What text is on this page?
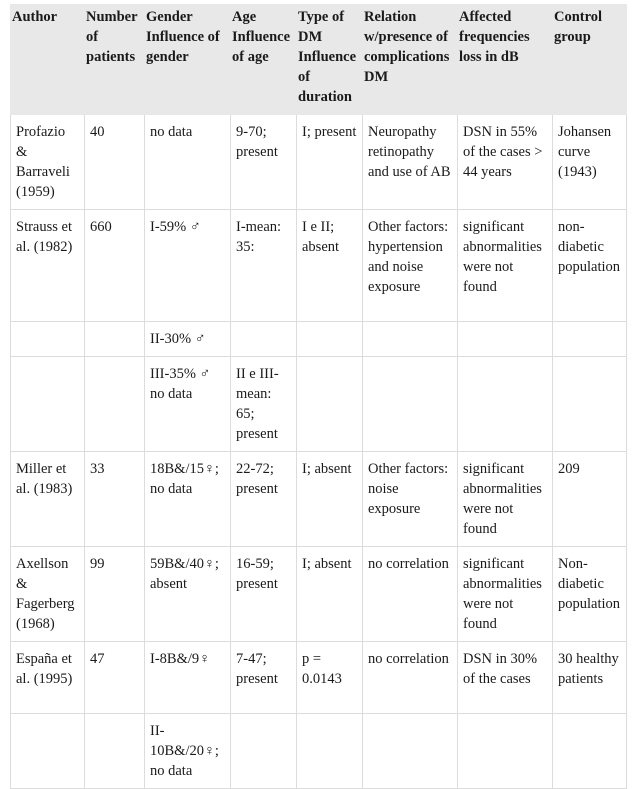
Author	Number of patients	Gender Influence of gender	Age Influence of age	Type of DM Influence of duration	Relation w/presence of complications DM	Affected frequencies loss in dB	Control group
Profazio & Barraveli (1959)	40	no data	9-70; present	I; present	Neuropathy retinopathy and use of AB	DSN in 55% of the cases > 44 years	Johansen curve (1943)
Strauss et al. (1982)	660	I-59% ♂	I-mean: 35:	I e II; absent	Other factors: hypertension and noise exposure	significant abnormalities were not found	non-diabetic population
		II-30% ♂					
		III-35% ♂ no data	II e III-mean: 65; present				
Miller et al. (1983)	33	18B&/15♀; no data	22-72; present	I; absent	Other factors: noise exposure	significant abnormalities were not found	209
Axellson & Fagerberg (1968)	99	59B&/40♀; absent	16-59; present	I; absent	no correlation	significant abnormalities were not found	Non-diabetic population
España et al. (1995)	47	I-8B&/9♀	7-47; present	p = 0.0143	no correlation	DSN in 30% of the cases	30 healthy patients
		II-10B&/20♀; no data					
